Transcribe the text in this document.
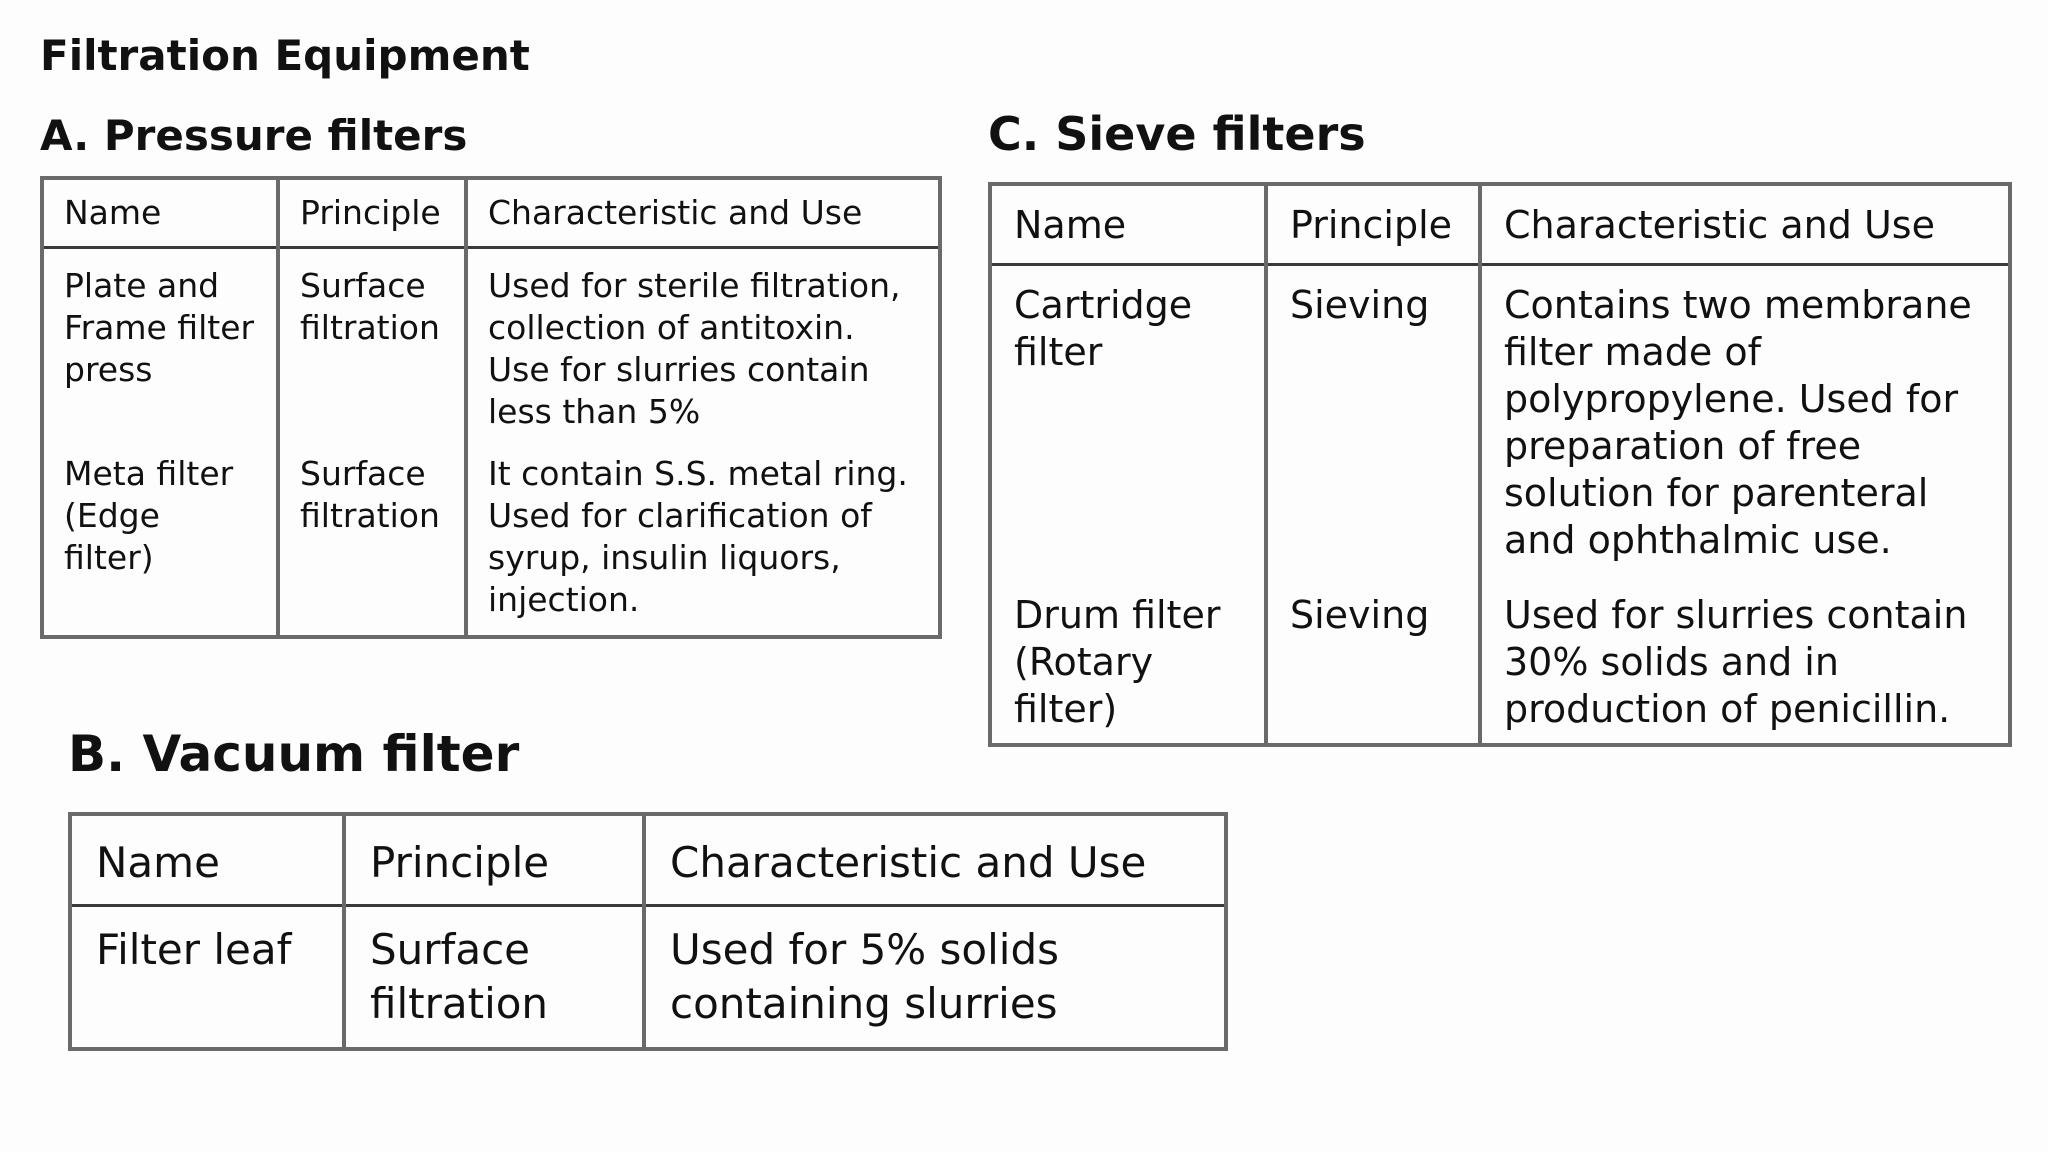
Filtration Equipment
A. Pressure filters
Name	Principle	Characteristic and Use
Plate and Frame filter press	Surface filtration	Used for sterile filtration, collection of antitoxin. Use for slurries contain less than 5%
Meta filter (Edge filter)	Surface filtration	It contain S.S. metal ring. Used for clarification of syrup, insulin liquors, injection.
C. Sieve filters
Name	Principle	Characteristic and Use
Cartridge filter	Sieving	Contains two membrane filter made of polypropylene. Used for preparation of free solution for parenteral and ophthalmic use.
Drum filter (Rotary filter)	Sieving	Used for slurries contain 30% solids and in production of penicillin.
B. Vacuum filter
Name	Principle	Characteristic and Use
Filter leaf	Surface filtration	Used for 5% solids containing slurries
